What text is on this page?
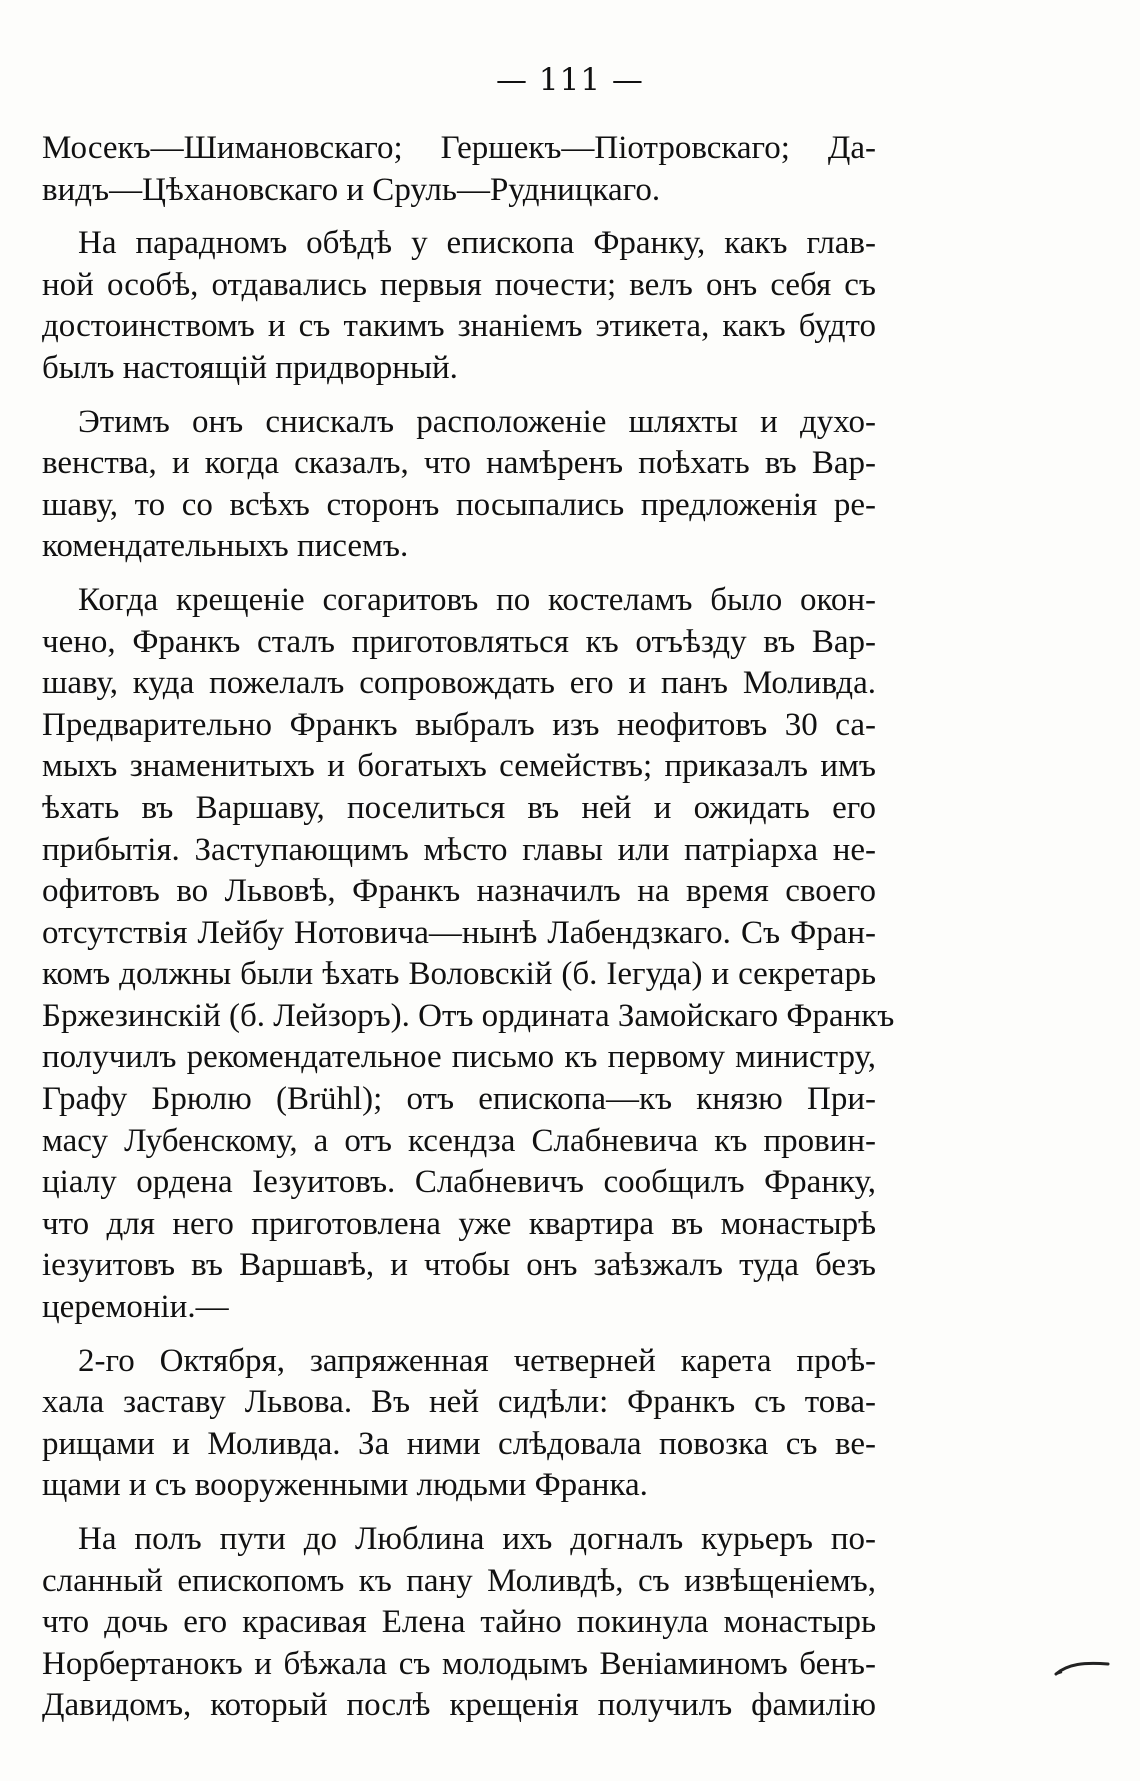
— 111 —
Мосекъ—Шимановскаго; Гершекъ—Піотровскаго; Да-
видъ—Цѣхановскаго и Сруль—Рудницкаго.
На парадномъ обѣдѣ у епископа Франку, какъ глав-
ной особѣ, отдавались первыя почести; велъ онъ себя съ
достоинствомъ и съ такимъ знаніемъ этикета, какъ будто
былъ настоящій придворный.
Этимъ онъ снискалъ расположеніе шляхты и духо-
венства, и когда сказалъ, что намѣренъ поѣхать въ Вар-
шаву, то со всѣхъ сторонъ посыпались предложенія ре-
комендательныхъ писемъ.
Когда крещеніе согаритовъ по костеламъ было окон-
чено, Франкъ сталъ приготовляться къ отъѣзду въ Вар-
шаву, куда пожелалъ сопровождать его и панъ Моливда.
Предварительно Франкъ выбралъ изъ неофитовъ 30 са-
мыхъ знаменитыхъ и богатыхъ семействъ; приказалъ имъ
ѣхать въ Варшаву, поселиться въ ней и ожидать его
прибытія. Заступающимъ мѣсто главы или патріарха не-
офитовъ во Львовѣ, Франкъ назначилъ на время своего
отсутствія Лейбу Нотовича—нынѣ Лабендзкаго. Съ Фран-
комъ должны были ѣхать Воловскій (б. Іегуда) и секретарь
Бржезинскій (б. Лейзоръ). Отъ ордината Замойскаго Франкъ
получилъ рекомендательное письмо къ первому министру,
Графу Брюлю (Brühl); отъ епископа—къ князю При-
масу Лубенскому, а отъ ксендза Слабневича къ провин-
ціалу ордена Іезуитовъ. Слабневичъ сообщилъ Франку,
что для него приготовлена уже квартира въ монастырѣ
іезуитовъ въ Варшавѣ, и чтобы онъ заѣзжалъ туда безъ
церемоніи.—
2-го Октября, запряженная четверней карета проѣ-
хала заставу Львова. Въ ней сидѣли: Франкъ съ това-
рищами и Моливда. За ними слѣдовала повозка съ ве-
щами и съ вооруженными людьми Франка.
На полъ пути до Люблина ихъ догналъ курьеръ по-
сланный епископомъ къ пану Моливдѣ, съ извѣщеніемъ,
что дочь его красивая Елена тайно покинула монастырь
Норбертанокъ и бѣжала съ молодымъ Веніаминомъ бенъ-
Давидомъ, который послѣ крещенія получилъ фамилію
